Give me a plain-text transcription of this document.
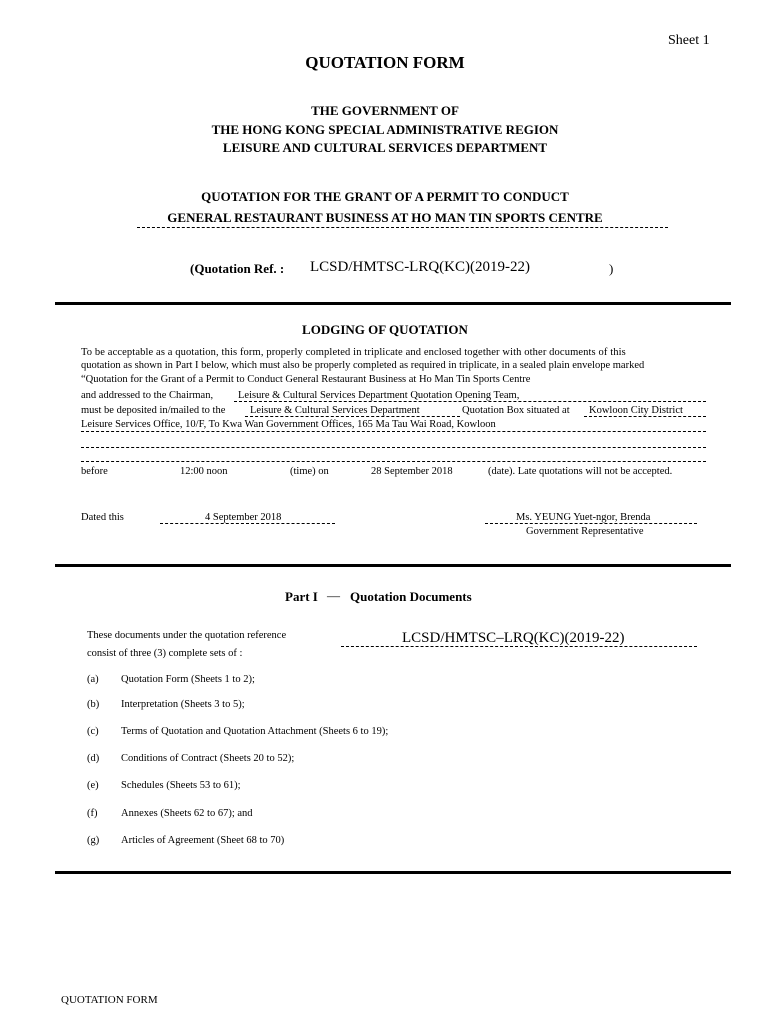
Sheet 1
QUOTATION FORM
THE GOVERNMENT OF
THE HONG KONG SPECIAL ADMINISTRATIVE REGION
LEISURE AND CULTURAL SERVICES DEPARTMENT
QUOTATION FOR THE GRANT OF A PERMIT TO CONDUCT
GENERAL RESTAURANT BUSINESS AT HO MAN TIN SPORTS CENTRE
(Quotation Ref. : LCSD/HMTSC-LRQ(KC)(2019-22)	)
LODGING OF QUOTATION
To be acceptable as a quotation, this form, properly completed in triplicate and enclosed together with other documents of this
quotation as shown in Part I below, which must also be properly completed as required in triplicate, in a sealed plain envelope marked
“Quotation for the Grant of a Permit to Conduct General Restaurant Business at Ho Man Tin Sports Centre
and addressed to the Chairman, Leisure & Cultural Services Department Quotation Opening Team,
must be deposited in/mailed to the Leisure & Cultural Services Department	Quotation Box situated at Kowloon City District
Leisure Services Office, 10/F, To Kwa Wan Government Offices, 165 Ma Tau Wai Road, Kowloon
before	12:00 noon	(time) on	28 September 2018	(date). Late quotations will not be accepted.
Dated this	4 September 2018	Ms. YEUNG Yuet-ngor, Brenda
Government Representative
Part I — Quotation Documents
These documents under the quotation reference
consist of three (3) complete sets of :
LCSD/HMTSC–LRQ(KC)(2019-22)
(a) Quotation Form (Sheets 1 to 2);
(b) Interpretation (Sheets 3 to 5);
(c) Terms of Quotation and Quotation Attachment (Sheets 6 to 19);
(d) Conditions of Contract (Sheets 20 to 52);
(e) Schedules (Sheets 53 to 61);
(f) Annexes (Sheets 62 to 67); and
(g) Articles of Agreement (Sheet 68 to 70)
QUOTATION FORM
